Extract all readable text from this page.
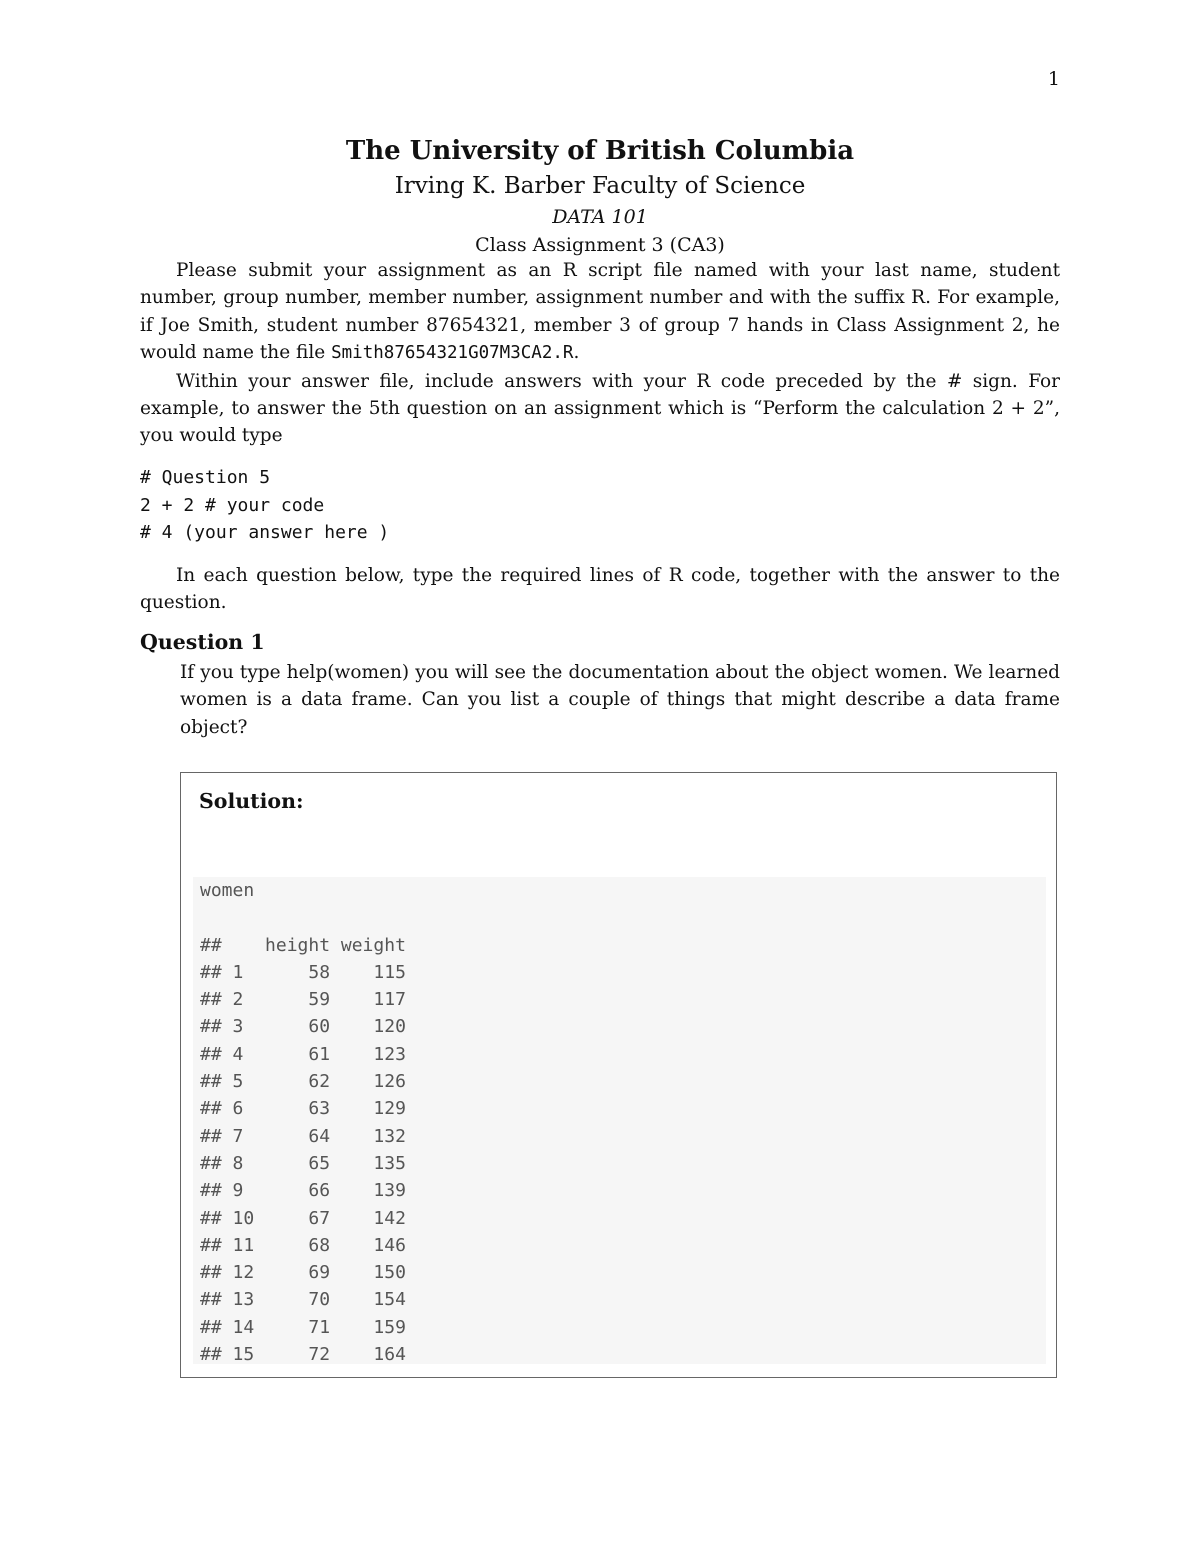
1
The University of British Columbia
Irving K. Barber Faculty of Science
DATA 101
Class Assignment 3 (CA3)

Please submit your assignment as an R script file named with your last name, student number, group number, member number, assignment number and with the suffix R. For example, if Joe Smith, student number 87654321, member 3 of group 7 hands in Class Assignment 2, he would name the file Smith87654321G07M3CA2.R.

Within your answer file, include answers with your R code preceded by the # sign. For example, to answer the 5th question on an assignment which is “Perform the calculation 2 + 2”, you would type

# Question 5
2 + 2 # your code
# 4 (your answer here )

In each question below, type the required lines of R code, together with the answer to the question.

Question 1

If you type help(women) you will see the documentation about the object women. We learned women is a data frame. Can you list a couple of things that might describe a data frame object?

Solution:
women
##    height weight
## 1      58    115
## 2      59    117
## 3      60    120
## 4      61    123
## 5      62    126
## 6      63    129
## 7      64    132
## 8      65    135
## 9      66    139
## 10     67    142
## 11     68    146
## 12     69    150
## 13     70    154
## 14     71    159
## 15     72    164
